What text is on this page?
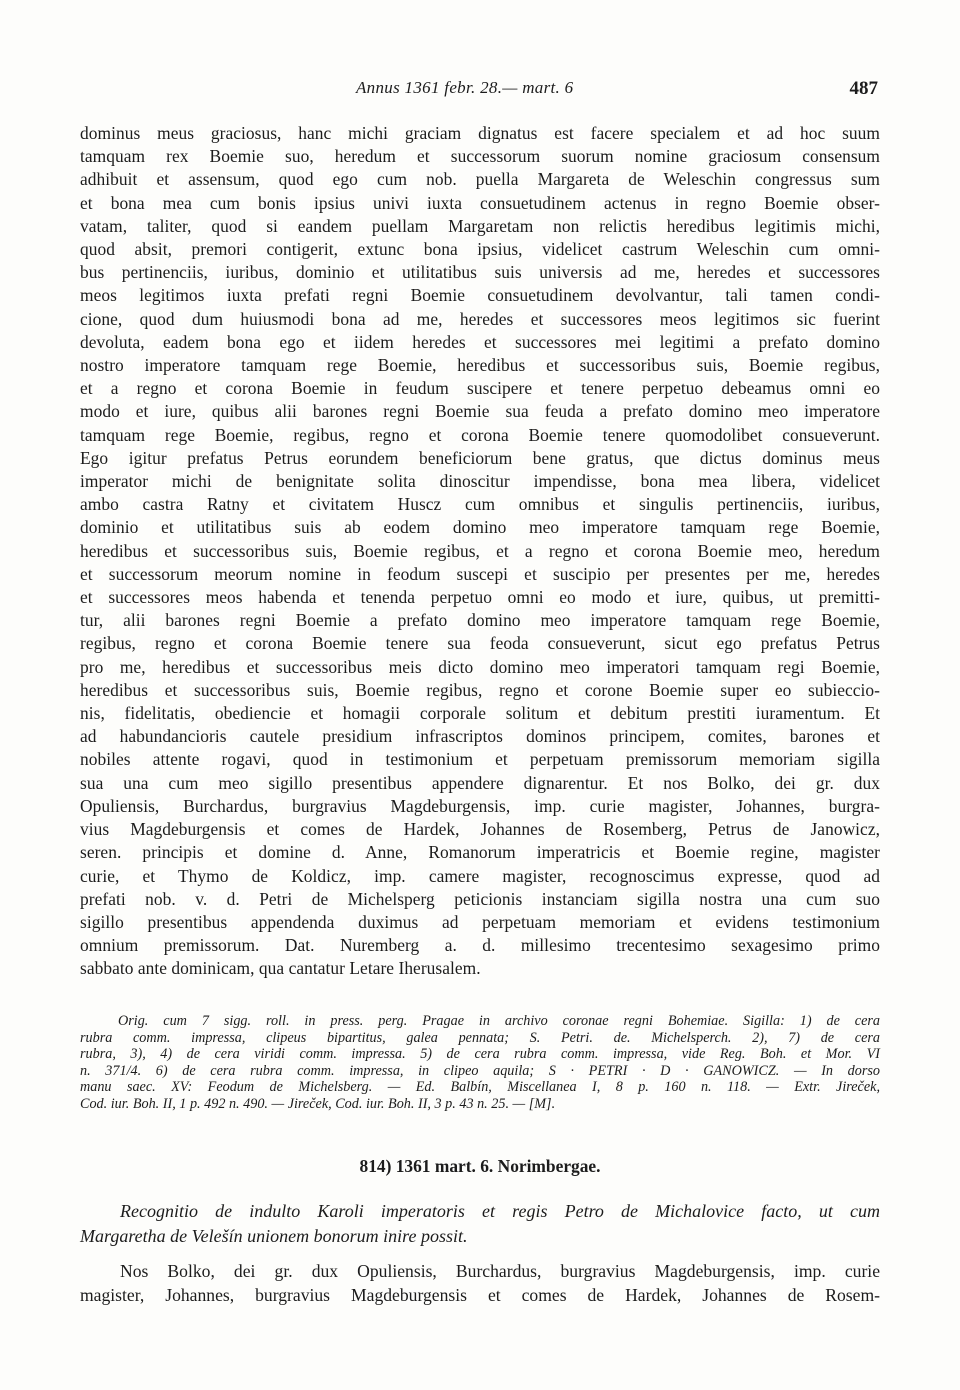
Annus 1361 febr. 28.— mart. 6	487
dominus meus graciosus, hanc michi graciam dignatus est facere specialem et ad hoc suum
tamquam rex Boemie suo, heredum et successorum suorum nomine graciosum consensum
adhibuit et assensum, quod ego cum nob. puella Margareta de Weleschin congressus sum
et bona mea cum bonis ipsius univi iuxta consuetudinem actenus in regno Boemie obser-
vatam, taliter, quod si eandem puellam Margaretam non relictis heredibus legitimis michi,
quod absit, premori contigerit, extunc bona ipsius, videlicet castrum Weleschin cum omni-
bus pertinenciis, iuribus, dominio et utilitatibus suis universis ad me, heredes et successores
meos legitimos iuxta prefati regni Boemie consuetudinem devolvantur, tali tamen condi-
cione, quod dum huiusmodi bona ad me, heredes et successores meos legitimos sic fuerint
devoluta, eadem bona ego et iidem heredes et successores mei legitimi a prefato domino
nostro imperatore tamquam rege Boemie, heredibus et successoribus suis, Boemie regibus,
et a regno et corona Boemie in feudum suscipere et tenere perpetuo debeamus omni eo
modo et iure, quibus alii barones regni Boemie sua feuda a prefato domino meo imperatore
tamquam rege Boemie, regibus, regno et corona Boemie tenere quomodolibet consueverunt.
Ego igitur prefatus Petrus eorundem beneficiorum bene gratus, que dictus dominus meus
imperator michi de benignitate solita dinoscitur impendisse, bona mea libera, videlicet
ambo castra Ratny et civitatem Huscz cum omnibus et singulis pertinenciis, iuribus,
dominio et utilitatibus suis ab eodem domino meo imperatore tamquam rege Boemie,
heredibus et successoribus suis, Boemie regibus, et a regno et corona Boemie meo, heredum
et successorum meorum nomine in feodum suscepi et suscipio per presentes per me, heredes
et successores meos habenda et tenenda perpetuo omni eo modo et iure, quibus, ut premitti-
tur, alii barones regni Boemie a prefato domino meo imperatore tamquam rege Boemie,
regibus, regno et corona Boemie tenere sua feoda consueverunt, sicut ego prefatus Petrus
pro me, heredibus et successoribus meis dicto domino meo imperatori tamquam regi Boemie,
heredibus et successoribus suis, Boemie regibus, regno et corone Boemie super eo subieccio-
nis, fidelitatis, obediencie et homagii corporale solitum et debitum prestiti iuramentum. Et
ad habundancioris cautele presidium infrascriptos dominos principem, comites, barones et
nobiles attente rogavi, quod in testimonium et perpetuam premissorum memoriam sigilla
sua una cum meo sigillo presentibus appendere dignarentur. Et nos Bolko, dei gr. dux
Opuliensis, Burchardus, burgravius Magdeburgensis, imp. curie magister, Johannes, burgra-
vius Magdeburgensis et comes de Hardek, Johannes de Rosemberg, Petrus de Janowicz,
seren. principis et domine d. Anne, Romanorum imperatricis et Boemie regine, magister
curie, et Thymo de Koldicz, imp. camere magister, recognoscimus expresse, quod ad
prefati nob. v. d. Petri de Michelsperg peticionis instanciam sigilla nostra una cum suo
sigillo presentibus appendenda duximus ad perpetuam memoriam et evidens testimonium
omnium premissorum. Dat. Nuremberg a. d. millesimo trecentesimo sexagesimo primo
sabbato ante dominicam, qua cantatur Letare Iherusalem.
Orig. cum 7 sigg. roll. in press. perg. Pragae in archivo coronae regni Bohemiae. Sigilla: 1) de cera
rubra comm. impressa, clipeus bipartitus, galea pennata; S. Petri. de. Michelsperch. 2), 7) de cera
rubra, 3), 4) de cera viridi comm. impressa. 5) de cera rubra comm. impressa, vide Reg. Boh. et Mor. VI
n. 371/4. 6) de cera rubra comm. impressa, in clipeo aquila; S · PETRI · D · GANOWICZ. — In dorso
manu saec. XV: Feodum de Michelsberg. — Ed. Balbín, Miscellanea I, 8 p. 160 n. 118. — Extr. Jireček,
Cod. iur. Boh. II, 1 p. 492 n. 490. — Jireček, Cod. iur. Boh. II, 3 p. 43 n. 25. — [M].
814) 1361 mart. 6. Norimbergae.
Recognitio de indulto Karoli imperatoris et regis Petro de Michalovice facto, ut cum
Margaretha de Velešín unionem bonorum inire possit.
Nos Bolko, dei gr. dux Opuliensis, Burchardus, burgravius Magdeburgensis, imp. curie
magister, Johannes, burgravius Magdeburgensis et comes de Hardek, Johannes de Rosem-
